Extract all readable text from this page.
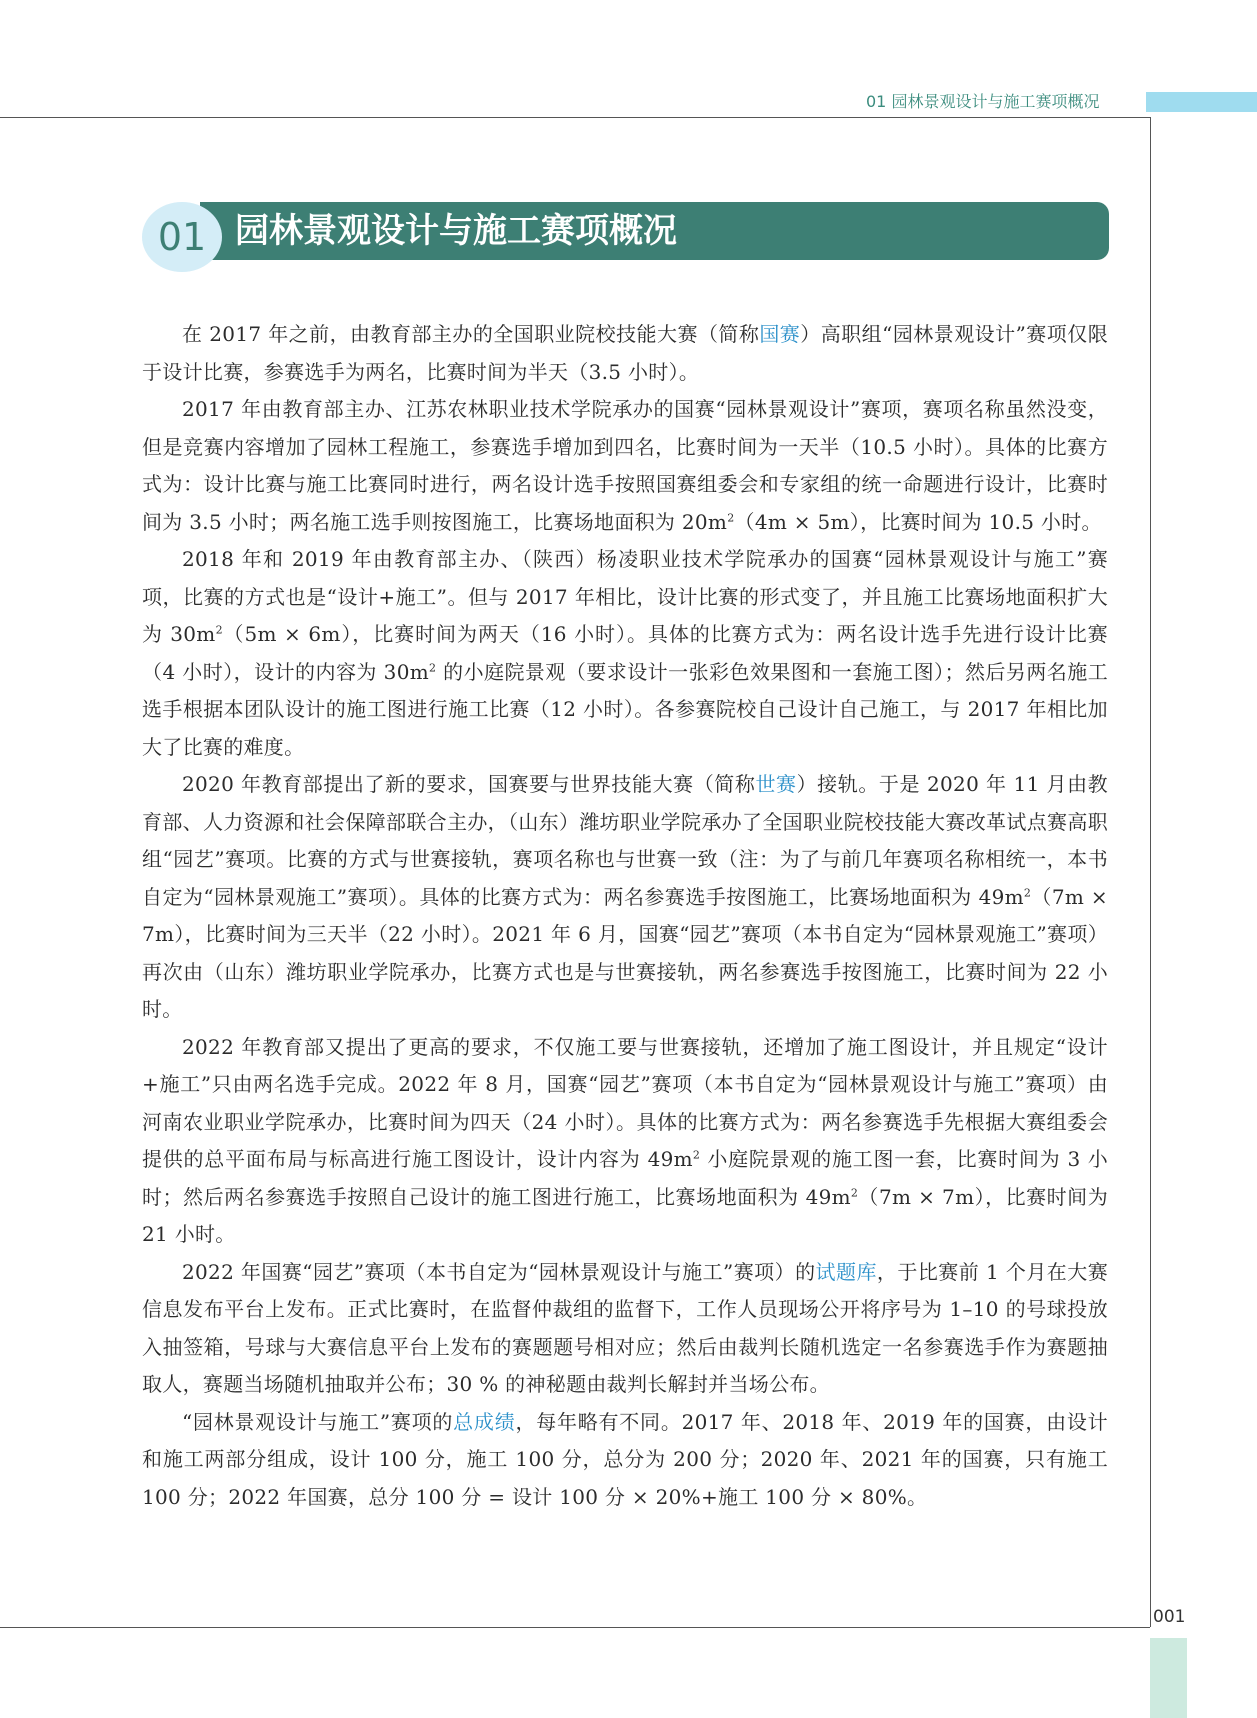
01 园林景观设计与施工赛项概况
01 园林景观设计与施工赛项概况

在 2017 年之前，由教育部主办的全国职业院校技能大赛（简称国赛）高职组“园林景观设计”赛项仅限于设计比赛，参赛选手为两名，比赛时间为半天（3.5 小时）。

2017 年由教育部主办、江苏农林职业技术学院承办的国赛“园林景观设计”赛项，赛项名称虽然没变，但是竞赛内容增加了园林工程施工，参赛选手增加到四名，比赛时间为一天半（10.5 小时）。具体的比赛方式为：设计比赛与施工比赛同时进行，两名设计选手按照国赛组委会和专家组的统一命题进行设计，比赛时间为 3.5 小时；两名施工选手则按图施工，比赛场地面积为 $20m^2(4m \times 5m)$，比赛时间为 10.5 小时。

2018 年和 2019 年由教育部主办、（陕西）杨凌职业技术学院承办的国赛“园林景观设计与施工”赛项，比赛的方式也是“设计+施工”。但与 2017 年相比，设计比赛的形式变了，并且施工比赛场地面积扩大为 $30m^2(5m \times 6m)$，比赛时间为两天（16 小时）。具体的比赛方式为：两名设计选手先进行设计比赛（4 小时），设计的内容为 $30m^2$ 的小庭院景观（要求设计一张彩色效果图和一套施工图）；然后另两名施工选手根据本团队设计的施工图进行施工比赛（12 小时）。各参赛院校自己设计自己施工，与 2017 年相比加大了比赛的难度。

2020 年教育部提出了新的要求，国赛要与世界技能大赛（简称世赛）接轨。于是 2020 年 11 月由教育部、人力资源和社会保障部联合主办，（山东）潍坊职业学院承办了全国职业院校技能大赛改革试点赛高职组“园艺”赛项。比赛的方式与世赛接轨，赛项名称也与世赛一致（注：为了与前几年赛项名称相统一，本书自定为“园林景观施工”赛项）。具体的比赛方式为：两名参赛选手按图施工，比赛场地面积为 $49m^2(7m \times 7m)$，比赛时间为三天半（22 小时）。2021 年 6 月，国赛“园艺”赛项（本书自定为“园林景观施工”赛项）再次由（山东）潍坊职业学院承办，比赛方式也是与世赛接轨，两名参赛选手按图施工，比赛时间为 22 小时。

2022 年教育部又提出了更高的要求，不仅施工要与世赛接轨，还增加了施工图设计，并且规定“设计+施工”只由两名选手完成。2022 年 8 月，国赛“园艺”赛项（本书自定为“园林景观设计与施工”赛项）由河南农业职业学院承办，比赛时间为四天（24 小时）。具体的比赛方式为：两名参赛选手先根据大赛组委会提供的总平面布局与标高进行施工图设计，设计内容为 $49m^2$ 小庭院景观的施工图一套，比赛时间为 3 小时；然后两名参赛选手按照自己设计的施工图进行施工，比赛场地面积为 $49m^2(7m \times 7m)$，比赛时间为 21 小时。

2022 年国赛“园艺”赛项（本书自定为“园林景观设计与施工”赛项）的试题库，于比赛前 1 个月在大赛信息发布平台上发布。正式比赛时，在监督仲裁组的监督下，工作人员现场公开将序号为 1–10 的号球投放入抽签箱，号球与大赛信息平台上发布的赛题题号相对应；然后由裁判长随机选定一名参赛选手作为赛题抽取人，赛题当场随机抽取并公布；30 % 的神秘题由裁判长解封并当场公布。

“园林景观设计与施工”赛项的总成绩，每年略有不同。2017 年、2018 年、2019 年的国赛，由设计和施工两部分组成，设计 100 分，施工 100 分，总分为 200 分；2020 年、2021 年的国赛，只有施工 100 分；2022 年国赛，总分 100 分 = 设计 100 分 × 20%+施工 100 分 × 80%。

001
